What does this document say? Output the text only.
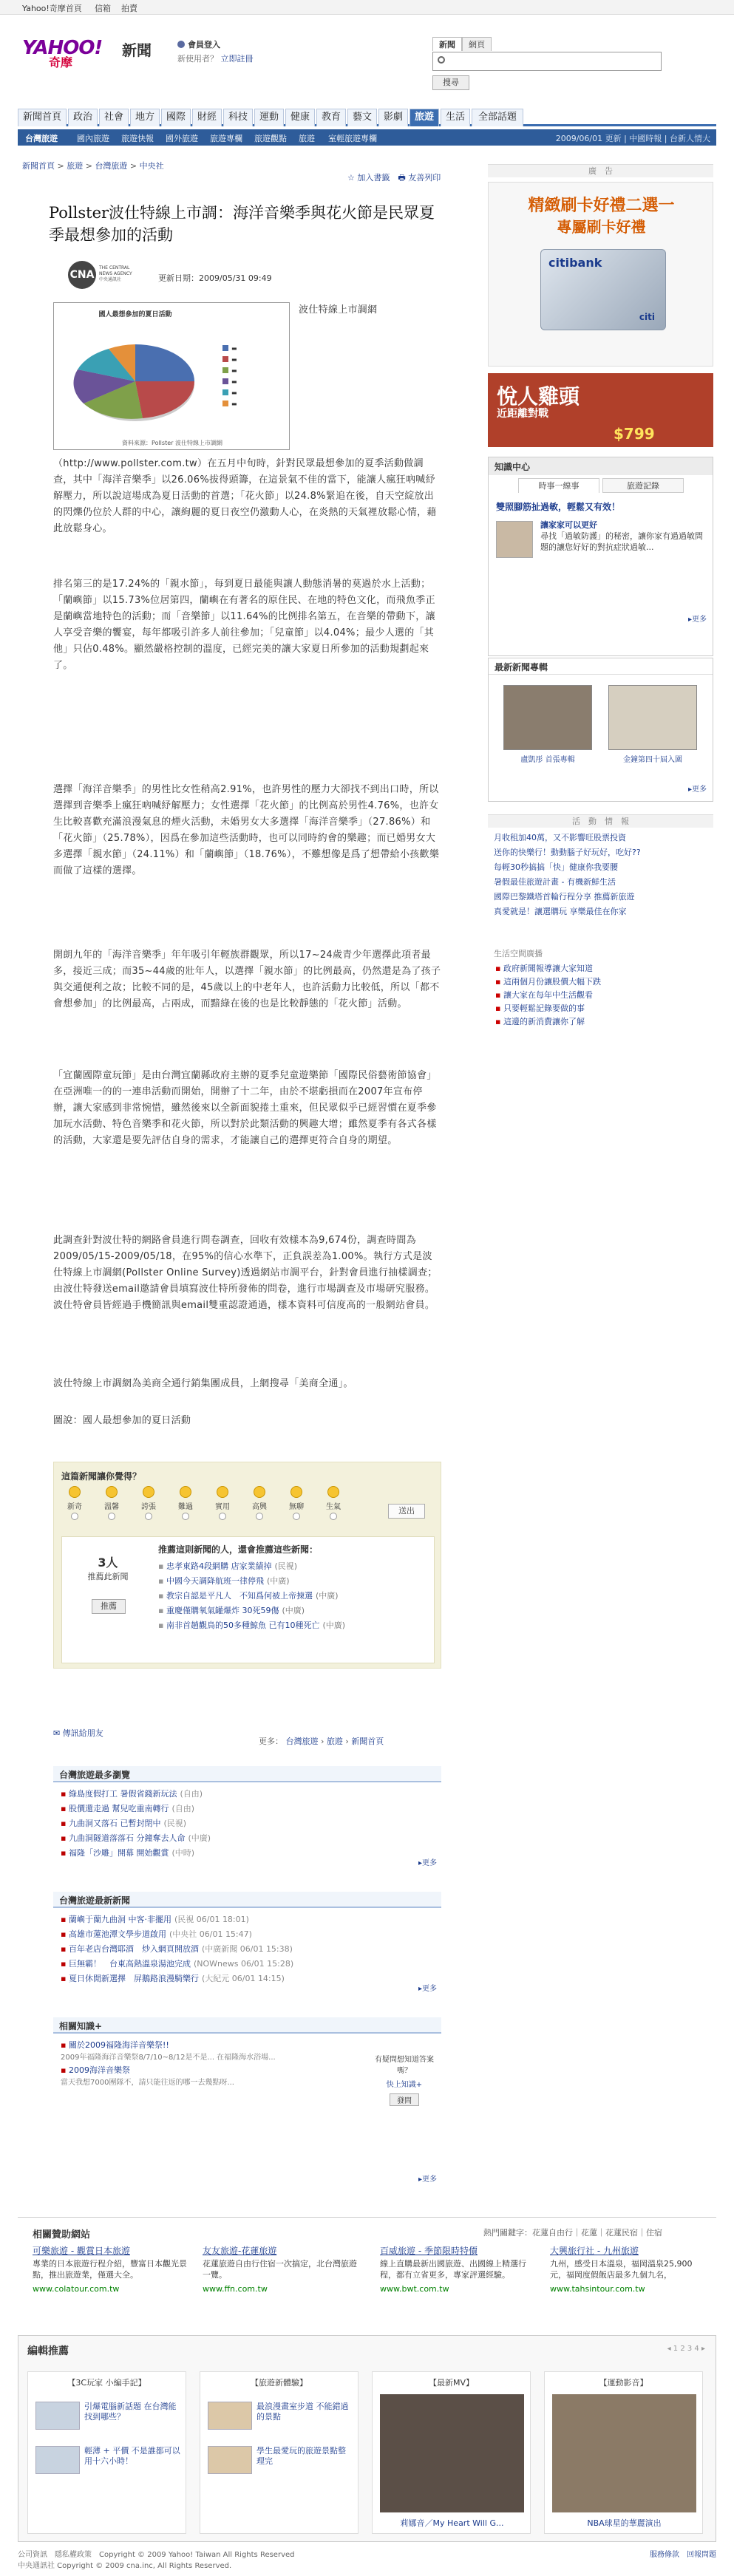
Yahoo!奇摩首頁 信箱 拍賣
YAHOO!
奇摩
新聞	會員登入
新使用者？ 立即註冊
新聞 網頁
搜尋
新聞首頁	政治	社會	地方	國際	財經	科技	運動	健康	教育	藝文	影劇	旅遊	生活	全部話題
台灣旅遊 國內旅遊 旅遊快報 國外旅遊 旅遊專欄 旅遊觀點 旅遊 室輕旅遊專欄	2009/06/01 更新 | 中國時報 | 台新人情大
新聞首頁 > 旅遊 > 台灣旅遊 > 中央社
☆ 加入書籤　🖶 友善列印
Pollster波仕特線上市調：海洋音樂季與花火節是民眾夏季最想參加的活動
CNA
THE CENTRAL NEWS AGENCY 中央通訊社	更新日期：2009/05/31 09:49
國人最想參加的夏日活動
▬
▬
▬
▬
▬
▬
資料來源：Pollster 波仕特線上市調網
波仕特線上市調網
（http://www.pollster.com.tw）在五月中旬時，針對民眾最想參加的夏季活動做調查，其中「海洋音樂季」以26.06%拔得頭籌，在這景氣不佳的當下，能讓人瘋狂吶喊紓解壓力，所以說這場成為夏日活動的首選；「花火節」以24.8%緊追在後，自天空綻放出的閃爍仍位於人群的中心，讓絢麗的夏日夜空仍激動人心，在炎熱的天氣裡放鬆心情，藉此放鬆身心。
排名第三的是17.24%的「親水節」，每到夏日最能與讓人動態消暑的莫過於水上活動；「蘭嶼節」以15.73%位居第四，蘭嶼在有著名的原住民、在地的特色文化，而飛魚季正是蘭嶼當地特色的活動；而「音樂節」以11.64%的比例排名第五，在音樂的帶動下，讓人享受音樂的饗宴，每年都吸引許多人前往參加；「兒童節」以4.04%；最少人選的「其他」只佔0.48%。顯然嚴格控制的溫度，已經完美的讓大家夏日所參加的活動規劃起來了。
選擇「海洋音樂季」的男性比女性稍高2.91%，也許男性的壓力大卻找不到出口時，所以選擇到音樂季上瘋狂吶喊紓解壓力；女性選擇「花火節」的比例高於男性4.76%，也許女生比較喜歡充滿浪漫氣息的煙火活動，未婚男女大多選擇「海洋音樂季」（27.86%）和「花火節」（25.78%），因爲在參加這些活動時，也可以同時約會的樂趣；而已婚男女大多選擇「親水節」（24.11%）和「蘭嶼節」（18.76%），不難想像是爲了想帶給小孩歡樂而做了這樣的選擇。
開朗九年的「海洋音樂季」年年吸引年輕族群觀眾，所以17~24歲青少年選擇此項者最多，接近三成；而35~44歲的壯年人，以選擇「親水節」的比例最高，仍然還是為了孩子與交通便利之故；比較不同的是，45歲以上的中老年人，也許活動力比較低，所以「都不會想參加」的比例最高，占兩成，而黯綠在後的也是比較靜態的「花火節」活動。
「宜蘭國際童玩節」是由台灣宜蘭縣政府主辦的夏季兒童遊樂節「國際民俗藝術節協會」在亞洲唯一的的一連串活動而開始，開辦了十二年，由於不堪虧損而在2007年宣布停辦，讓大家感到非常惋惜，雖然後來以全新面貌捲土重來，但民眾似乎已經習慣在夏季參加玩水活動、特色音樂季和花火節，所以對於此類活動的興趣大增；雖然夏季有各式各樣的活動，大家還是要先評估自身的需求，才能讓自己的選擇更符合自身的期望。
此調查針對波仕特的網路會員進行問卷調查，回收有效樣本為9,674份，調查時間為2009/05/15-2009/05/18，在95%的信心水準下，正負誤差為1.00%。執行方式是波仕特線上市調網(Pollster Online Survey)透過網站市調平台，針對會員進行抽樣調查；由波仕特發送email邀請會員填寫波仕特所發佈的問卷，進行市場調查及市場研究服務。波仕特會員皆經過手機簡訊與email雙重認證通過，樣本資料可信度高的一般網站會員。
波仕特線上市調網為美商全通行銷集團成員，上網搜尋「美商全通」。
圖說：國人最想參加的夏日活動
這篇新聞讓你覺得？
新奇	溫馨	誇張	難過	實用	高興	無聊	生氣	送出
3人
推薦此新聞
推薦
推薦這則新聞的人，還會推薦這些新聞：
▪ 忠孝東路4段網購 店家業績掉 (民視)
▪ 中國今天調降航班一律停飛 (中廣)
▪ 教宗自認是平凡人　不知爲何被上帝揀選 (中廣)
▪ 重慶僅購氧氣罐爆炸 30死59傷 (中廣)
▪ 南非首趟觀鳥的50多種鯨魚 已有10種死亡 (中廣)
✉ 傳訊給朋友
更多： 台灣旅遊 › 旅遊 › 新聞首頁
台灣旅遊最多瀏覽
▪ 綠島度假打工 暑假省錢新玩法 (自由)
▪ 股價還走過 幫兒吃重南轉行 (自由)
▪ 九曲洞又落石 已暫封閉中 (民視)
▪ 九曲洞隧道落落石 分鐘奪去人命 (中廣)
▪ 福隆「沙雕」開幕 開始觀賞 (中時)
▸更多
台灣旅遊最新新聞
▪ 蘭嶼于蘭九曲洞 中客·非擺用 (民視 06/01 18:01)
▪ 高雄市蓮池潭文學步道啟用 (中央社 06/01 15:47)
▪ 百年老店台灣耶酒　炒入網頁開放酒 (中廣新聞 06/01 15:38)
▪ 巨無霸！　台東高熱溫泉湯池完成 (NOWnews 06/01 15:28)
▪ 夏日休閒新選擇　屏鵝路浪漫騎樂行 (大紀元 06/01 14:15)
▸更多
相關知識+
▪ 關於2009福隆海洋音樂祭!!
2009年福隆海洋音樂祭8/7/10~8/12是不是... 在福隆海水浴場...
▪ 2009海洋音樂祭
當天我想7000團隊不，請只能往返的哪一去幾點呀...
有疑問想知道答案嗎？
快上知識+
發問
▸更多
廣　告
精緻刷卡好禮二選一
專屬刷卡好禮
citibank
citi
悅人雞頭
近距離對戰
$799
知識中心
時事一線事	旅遊記錄
雙照腳筋扯過敏，輕鬆又有效！
讓家家可以更好
尋找「過敏防護」的秘密，讓你家有過過敏問題的讓您好好的對抗症狀過敏...
▸更多
最新新聞專輯
盧凱彤 首張專輯	金鐘第四十屆入圍
▸更多
活　動　情　報
月收租加40萬，又不影響旺股票投資
送你的快樂行！動動腦子好玩好，吃好??
每輕30秒搞搞「快」健康你我要腰
暑假最佳旅遊計畫 - 有機新鮮生活
國際巴黎鐵塔首輪行程分享 推薦新旅遊
真愛就是！讓選購玩 享樂最佳在你家
生活空間廣播
▪ 政府新聞報導讓大家知道
▪ 這兩個月份讓股價大幅下跌
▪ 讓大家在每年中生活觀看
▪ 只要輕鬆記錄要做的事
▪ 這邊的新消費讓你了解
相關贊助網站	熱門關鍵字：花蓮自由行｜花蓮｜花蓮民宿｜住宿
可樂旅遊 - 觀賞日本旅遊
專業的日本旅遊行程介紹，豐富日本觀光景點，推出旅遊業，僅選大全。
www.colatour.com.tw
友友旅遊-花蓮旅遊
花蓮旅遊自由行住宿一次搞定，北台灣旅遊一覽。
www.ffn.com.tw
百威旅遊 - 季節限時特價
線上直購最新出國旅遊、出國線上精選行程，都有立省更多，專家評選經驗。
www.bwt.com.tw
大興旅行社 - 九州旅遊
九州，感受日本溫泉，福岡溫泉25,900元，福岡度假飯店最多九個九名，
www.tahsintour.com.tw
編輯推薦	◂ 1 2 3 4 ▸
【3C玩家 小編手記】
引爆電腦新話題 在台灣能找到哪些？
輕薄 + 平價 不是誰都可以用十六小時！
【旅遊新體驗】
最浪漫畫室步道 不能錯過的景點
學生最愛玩的旅遊景點整理完
【最新MV】
莉娜音／My Heart Will G...
【運動影音】
NBA球星的華麗演出
公司資訊　隱私權政策　Copyright © 2009 Yahoo! Taiwan All Rights Reserved
中央通訊社 Copyright © 2009 cna.inc, All Rights Reserved.
服務條款　回報問題
